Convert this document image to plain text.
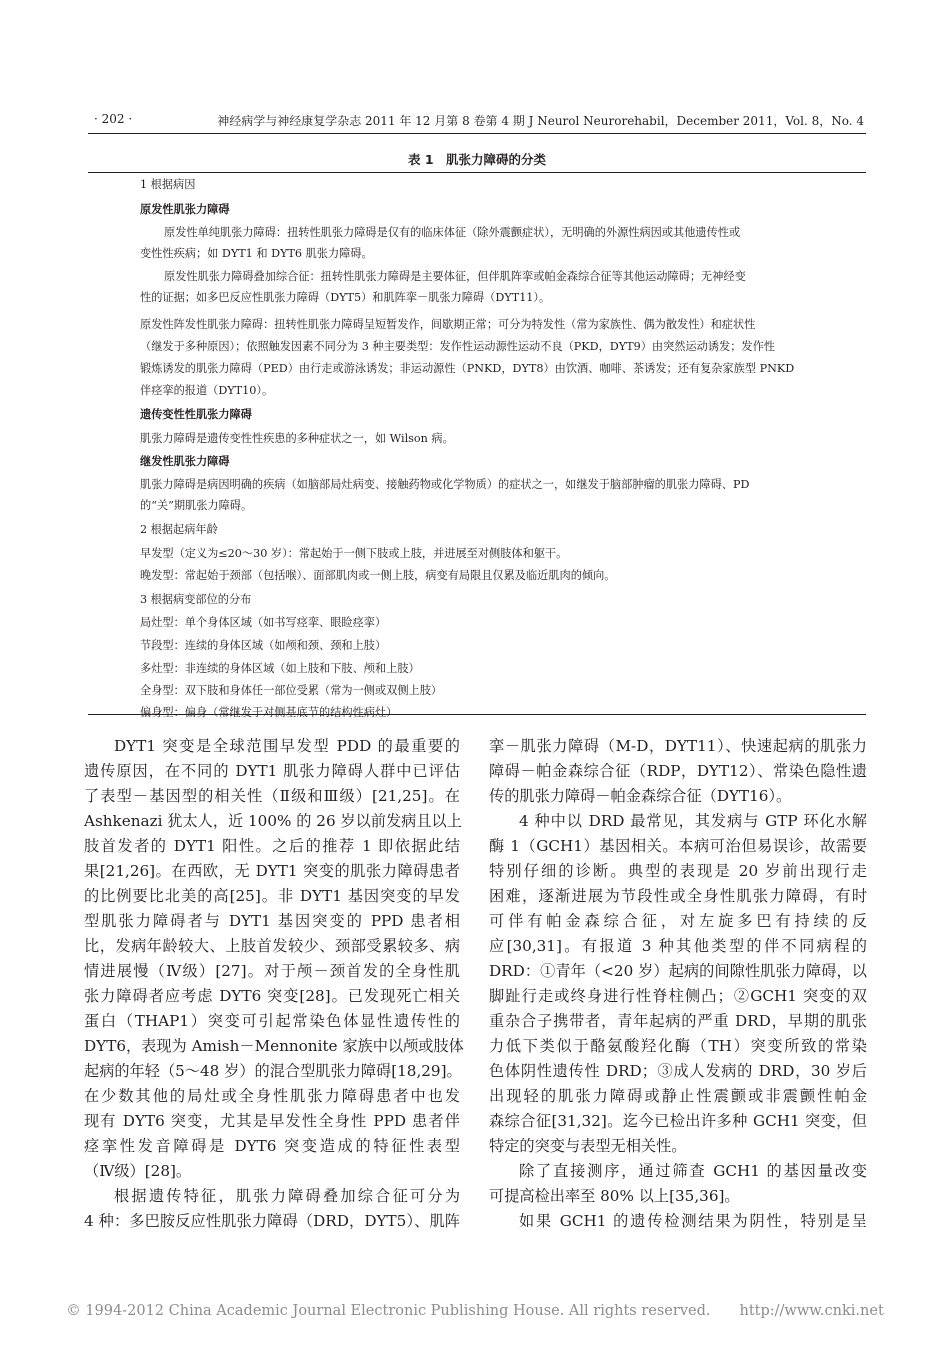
· 202 ·	神经病学与神经康复学杂志 2011 年 12 月第 8 卷第 4 期 J Neurol Neurorehabil，December 2011，Vol. 8，No. 4
表 1　肌张力障碍的分类
1 根据病因
原发性肌张力障碍
原发性单纯肌张力障碍：扭转性肌张力障碍是仅有的临床体征（除外震颤症状），无明确的外源性病因或其他遗传性或
变性性疾病；如 DYT1 和 DYT6 肌张力障碍。
原发性肌张力障碍叠加综合征：扭转性肌张力障碍是主要体征，但伴肌阵挛或帕金森综合征等其他运动障碍；无神经变
性的证据；如多巴反应性肌张力障碍（DYT5）和肌阵挛－肌张力障碍（DYT11）。
原发性阵发性肌张力障碍：扭转性肌张力障碍呈短暂发作，间歇期正常；可分为特发性（常为家族性、偶为散发性）和症状性
（继发于多种原因）；依照触发因素不同分为 3 种主要类型：发作性运动源性运动不良（PKD，DYT9）由突然运动诱发；发作性
锻炼诱发的肌张力障碍（PED）由行走或游泳诱发；非运动源性（PNKD，DYT8）由饮酒、咖啡、茶诱发；还有复杂家族型 PNKD
伴痉挛的报道（DYT10）。
遗传变性性肌张力障碍
肌张力障碍是遗传变性性疾患的多种症状之一，如 Wilson 病。
继发性肌张力障碍
肌张力障碍是病因明确的疾病（如脑部局灶病变、接触药物或化学物质）的症状之一，如继发于脑部肿瘤的肌张力障碍、PD
的“关”期肌张力障碍。
2 根据起病年龄
早发型（定义为≤20～30 岁）：常起始于一侧下肢或上肢，并进展至对侧肢体和躯干。
晚发型：常起始于颈部（包括喉）、面部肌肉或一侧上肢，病变有局限且仅累及临近肌肉的倾向。
3 根据病变部位的分布
局灶型：单个身体区域（如书写痉挛、眼睑痉挛）
节段型：连续的身体区域（如颅和颈、颈和上肢）
多灶型：非连续的身体区域（如上肢和下肢、颅和上肢）
全身型：双下肢和身体任一部位受累（常为一侧或双侧上肢）
偏身型：偏身（常继发于对侧基底节的结构性病灶）
DYT1 突变是全球范围早发型 PDD 的最重要的
遗传原因，在不同的 DYT1 肌张力障碍人群中已评估
了表型－基因型的相关性（Ⅱ级和Ⅲ级）[21,25]。在
Ashkenazi 犹太人，近 100% 的 26 岁以前发病且以上
肢首发者的 DYT1 阳性。之后的推荐 1 即依据此结
果[21,26]。在西欧，无 DYT1 突变的肌张力障碍患者
的比例要比北美的高[25]。非 DYT1 基因突变的早发
型肌张力障碍者与 DYT1 基因突变的 PPD 患者相
比，发病年龄较大、上肢首发较少、颈部受累较多、病
情进展慢（Ⅳ级）[27]。对于颅－颈首发的全身性肌
张力障碍者应考虑 DYT6 突变[28]。已发现死亡相关
蛋白（THAP1）突变可引起常染色体显性遗传性的
DYT6，表现为 Amish－Mennonite 家族中以颅或肢体
起病的年轻（5～48 岁）的混合型肌张力障碍[18,29]。
在少数其他的局灶或全身性肌张力障碍患者中也发
现有 DYT6 突变，尤其是早发性全身性 PPD 患者伴
痉挛性发音障碍是 DYT6 突变造成的特征性表型
（Ⅳ级）[28]。
根据遗传特征，肌张力障碍叠加综合征可分为
4 种：多巴胺反应性肌张力障碍（DRD，DYT5）、肌阵
挛－肌张力障碍（M-D，DYT11）、快速起病的肌张力
障碍－帕金森综合征（RDP，DYT12）、常染色隐性遗
传的肌张力障碍－帕金森综合征（DYT16）。
4 种中以 DRD 最常见，其发病与 GTP 环化水解
酶 1（GCH1）基因相关。本病可治但易误诊，故需要
特别仔细的诊断。典型的表现是 20 岁前出现行走
困难，逐渐进展为节段性或全身性肌张力障碍，有时
可伴有帕金森综合征，对左旋多巴有持续的反
应[30,31]。有报道 3 种其他类型的伴不同病程的
DRD：①青年（<20 岁）起病的间隙性肌张力障碍，以
脚趾行走或终身进行性脊柱侧凸；②GCH1 突变的双
重杂合子携带者，青年起病的严重 DRD，早期的肌张
力低下类似于酪氨酸羟化酶（TH）突变所致的常染
色体阴性遗传性 DRD；③成人发病的 DRD，30 岁后
出现轻的肌张力障碍或静止性震颤或非震颤性帕金
森综合征[31,32]。迄今已检出许多种 GCH1 突变，但
特定的突变与表型无相关性。
除了直接测序，通过筛查 GCH1 的基因量改变
可提高检出率至 80% 以上[35,36]。
如果 GCH1 的遗传检测结果为阴性，特别是呈
© 1994-2012 China Academic Journal Electronic Publishing House. All rights reserved.　　http://www.cnki.net
